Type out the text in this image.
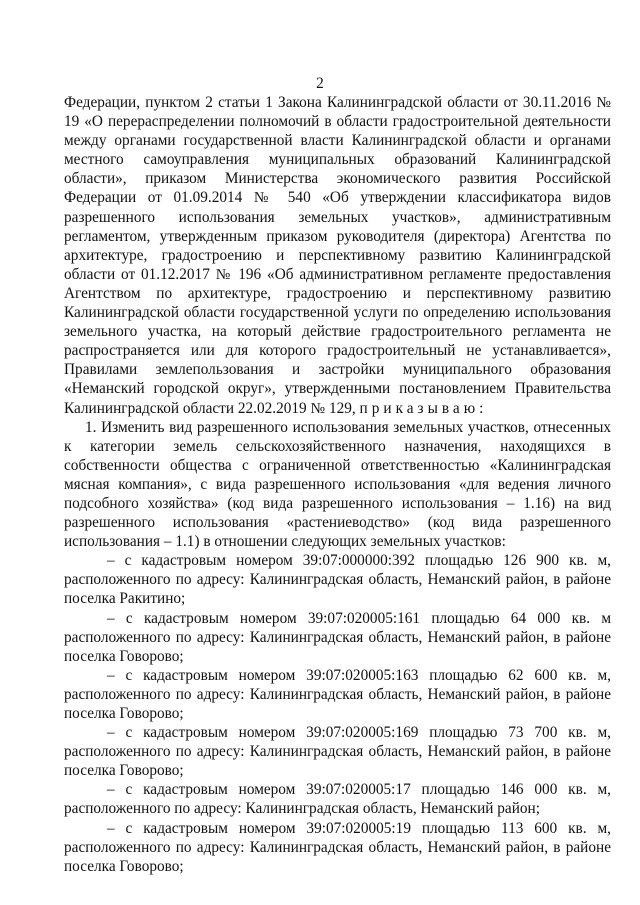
2

Федерации, пунктом 2 статьи 1 Закона Калининградской области от 30.11.2016 № 19 «О перераспределении полномочий в области градостроительной деятельности между органами государственной власти Калининградской области и органами местного самоуправления муниципальных образований Калининградской области», приказом Министерства экономического развития Российской Федерации от 01.09.2014 № 540 «Об утверждении классификатора видов разрешенного использования земельных участков», административным регламентом, утвержденным приказом руководителя (директора) Агентства по архитектуре, градостроению и перспективному развитию Калининградской области от 01.12.2017 № 196 «Об административном регламенте предоставления Агентством по архитектуре, градостроению и перспективному развитию Калининградской области государственной услуги по определению использования земельного участка, на который действие градостроительного регламента не распространяется или для которого градостроительный не устанавливается», Правилами землепользования и застройки муниципального образования «Неманский городской округ», утвержденными постановлением Правительства Калининградской области 22.02.2019 № 129, приказываю:

1. Изменить вид разрешенного использования земельных участков, отнесенных к категории земель сельскохозяйственного назначения, находящихся в собственности общества с ограниченной ответственностью «Калининградская мясная компания», с вида разрешенного использования «для ведения личного подсобного хозяйства» (код вида разрешенного использования – 1.16) на вид разрешенного использования «растениеводство» (код вида разрешенного использования – 1.1) в отношении следующих земельных участков:

– с кадастровым номером 39:07:000000:392 площадью 126 900 кв. м, расположенного по адресу: Калининградская область, Неманский район, в районе поселка Ракитино;

– с кадастровым номером 39:07:020005:161 площадью 64 000 кв. м расположенного по адресу: Калининградская область, Неманский район, в районе поселка Говорово;

– с кадастровым номером 39:07:020005:163 площадью 62 600 кв. м, расположенного по адресу: Калининградская область, Неманский район, в районе поселка Говорово;

– с кадастровым номером 39:07:020005:169 площадью 73 700 кв. м, расположенного по адресу: Калининградская область, Неманский район, в районе поселка Говорово;

– с кадастровым номером 39:07:020005:17 площадью 146 000 кв. м, расположенного по адресу: Калининградская область, Неманский район;

– с кадастровым номером 39:07:020005:19 площадью 113 600 кв. м, расположенного по адресу: Калининградская область, Неманский район, в районе поселка Говорово;
